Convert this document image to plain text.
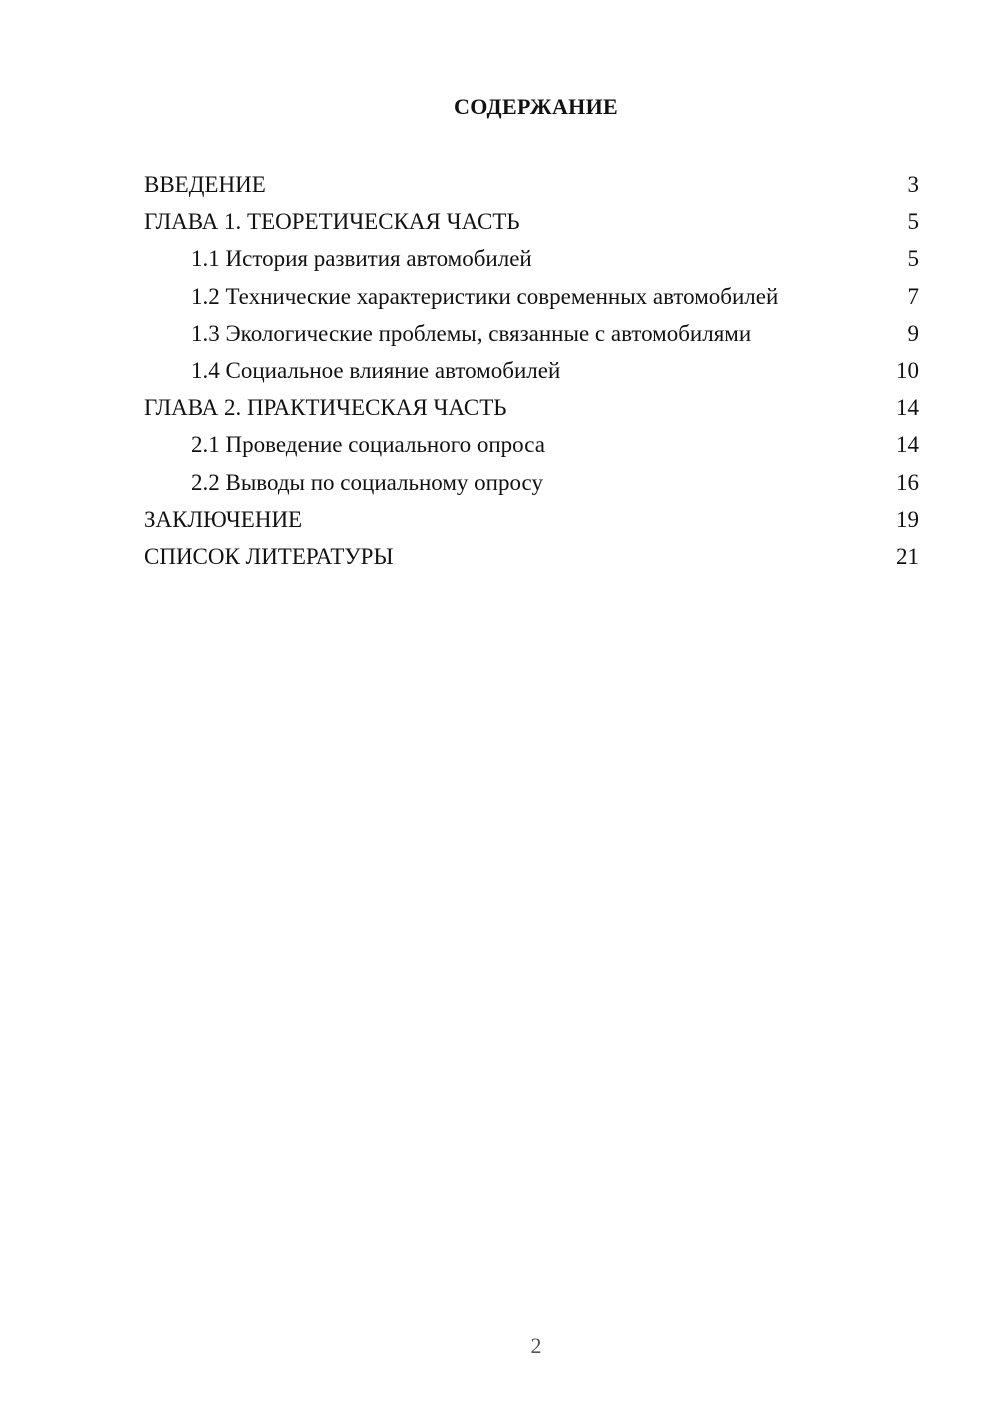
СОДЕРЖАНИЕ
ВВЕДЕНИЕ	3
ГЛАВА 1. ТЕОРЕТИЧЕСКАЯ ЧАСТЬ	5
1.1 История развития автомобилей	5
1.2 Технические характеристики современных автомобилей	7
1.3 Экологические проблемы, связанные с автомобилями	9
1.4 Социальное влияние автомобилей	10
ГЛАВА 2. ПРАКТИЧЕСКАЯ ЧАСТЬ	14
2.1 Проведение социального опроса	14
2.2 Выводы по социальному опросу	16
ЗАКЛЮЧЕНИЕ	19
СПИСОК ЛИТЕРАТУРЫ	21
2
